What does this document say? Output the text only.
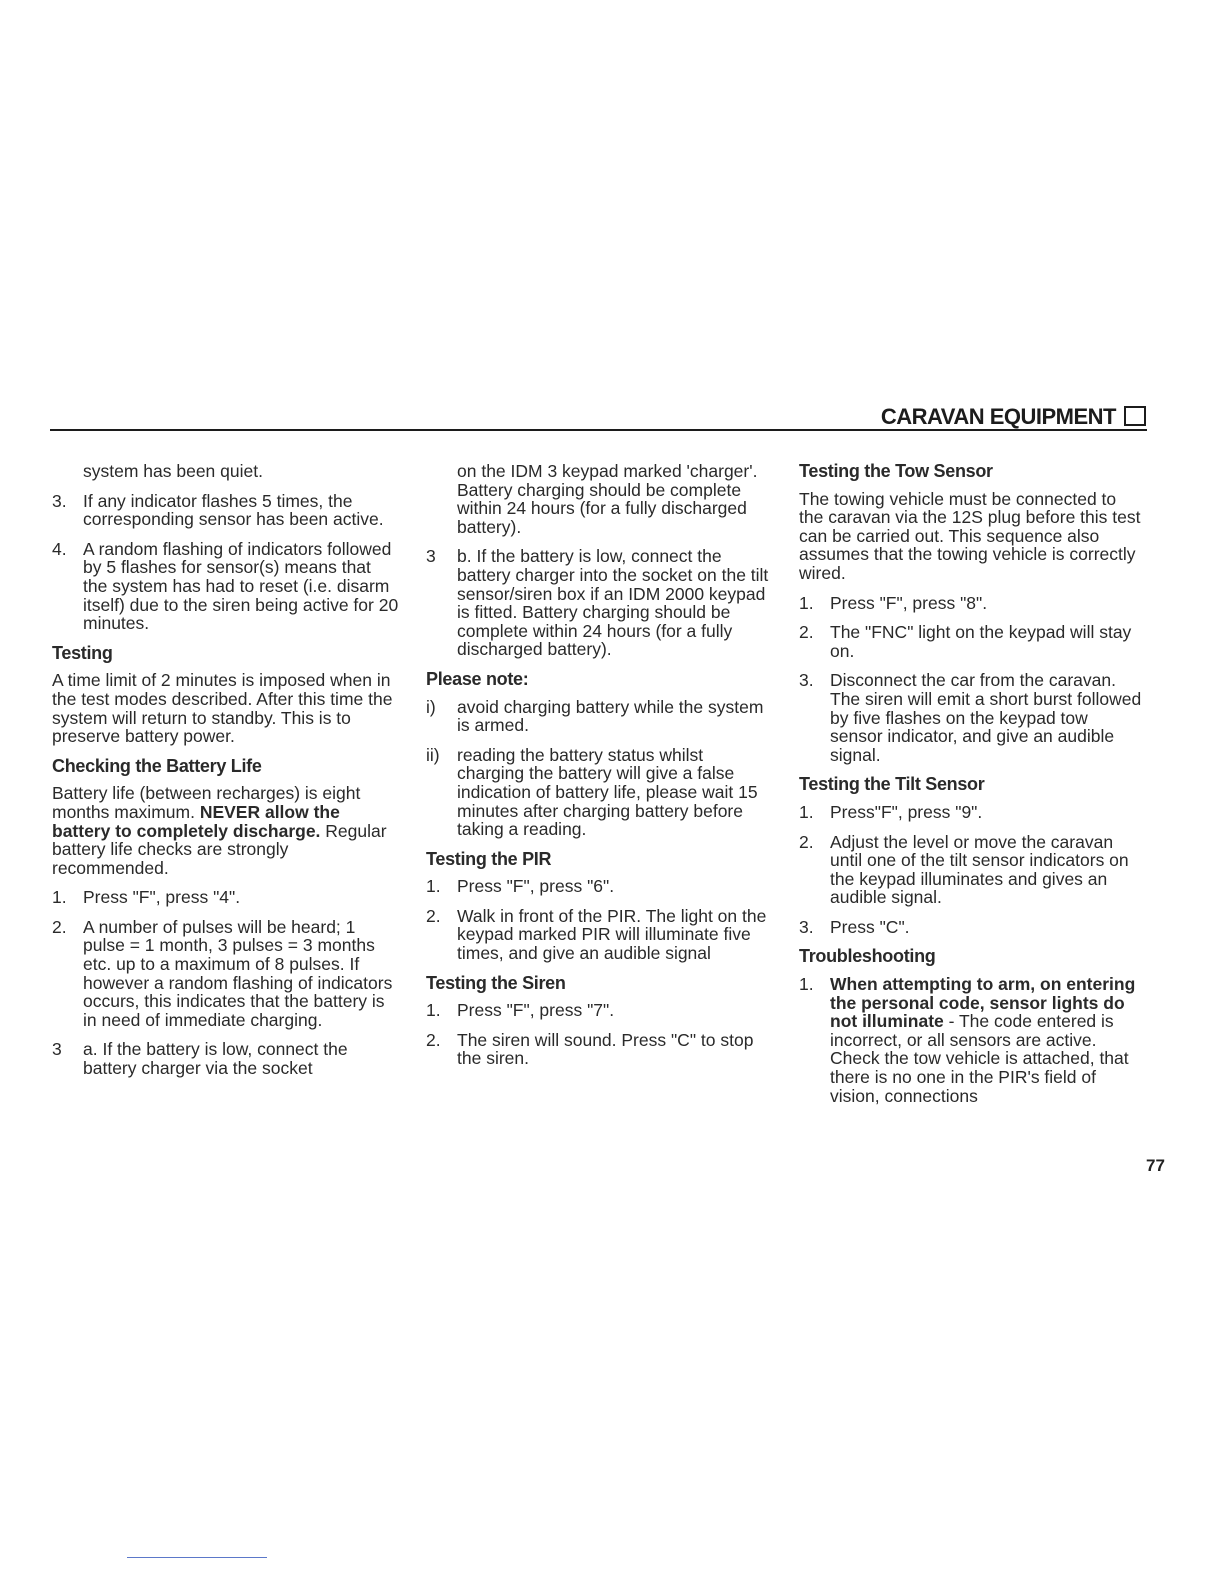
CARAVAN EQUIPMENT

system has been quiet.

3. If any indicator flashes 5 times, the corresponding sensor has been active.
4. A random flashing of indicators followed by 5 flashes for sensor(s) means that the system has had to reset (i.e. disarm itself) due to the siren being active for 20 minutes.
Testing

A time limit of 2 minutes is imposed when in the test modes described. After this time the system will return to standby. This is to preserve battery power.

Checking the Battery Life

Battery life (between recharges) is eight months maximum. NEVER allow the battery to completely discharge. Regular battery life checks are strongly recommended.

1. Press "F", press "4".
2. A number of pulses will be heard; 1 pulse = 1 month, 3 pulses = 3 months etc. up to a maximum of 8 pulses. If however a random flashing of indicators occurs, this indicates that the battery is in need of immediate charging.
3	a. If the battery is low, connect the battery charger via the socket

on the IDM 3 keypad marked 'charger'. Battery charging should be complete within 24 hours (for a fully discharged battery).

3	b. If the battery is low, connect the battery charger into the socket on the tilt sensor/siren box if an IDM 2000 keypad is fitted. Battery charging should be complete within 24 hours (for a fully discharged battery).
Please note:
i)	avoid charging battery while the system is armed.
ii) reading the battery status whilst charging the battery will give a false indication of battery life, please wait 15 minutes after charging battery before taking a reading.
Testing the PIR
1. Press "F", press "6".
2. Walk in front of the PIR. The light on the keypad marked PIR will illuminate five times, and give an audible signal
Testing the Siren
1. Press "F", press "7".
2. The siren will sound. Press "C" to stop the siren.
Testing the Tow Sensor

The towing vehicle must be connected to the caravan via the 12S plug before this test can be carried out. This sequence also assumes that the towing vehicle is correctly wired.

1. Press "F", press "8".
2. The "FNC" light on the keypad will stay on.
3. Disconnect the car from the caravan. The siren will emit a short burst followed by five flashes on the keypad tow sensor indicator, and give an audible signal.
Testing the Tilt Sensor
1. Press"F", press "9".
2. Adjust the level or move the caravan until one of the tilt sensor indicators on the keypad illuminates and gives an audible signal.
3. Press "C".
Troubleshooting
1. When attempting to arm, on entering the personal code, sensor lights do not illuminate - The code entered is incorrect, or all sensors are active. Check the tow vehicle is attached, that there is no one in the PIR's field of vision, connections
77
